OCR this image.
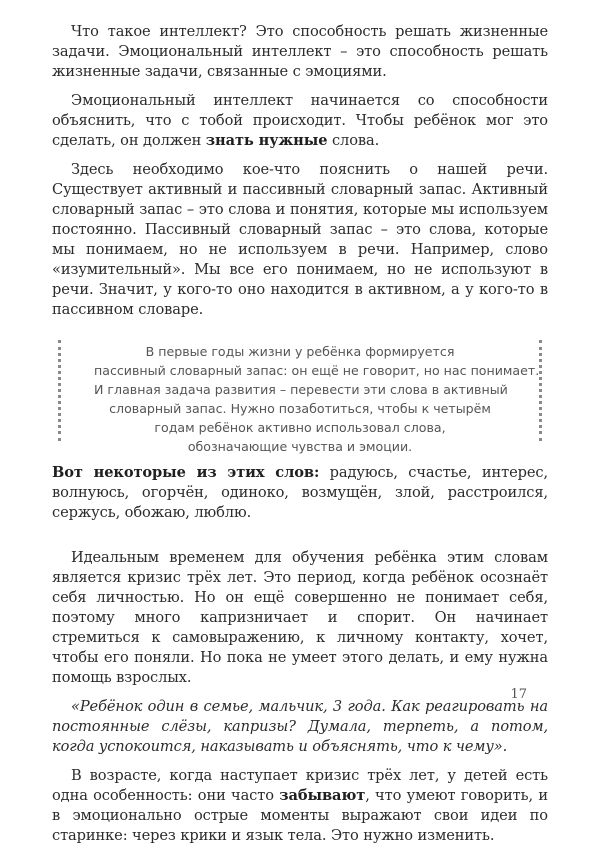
Что такое интеллект? Это способность решать жизненные задачи. Эмоциональный интеллект – это способность решать жизненные задачи, связанные с эмоциями.

Эмоциональный интеллект начинается со способности объяснить, что с тобой происходит. Чтобы ребёнок мог это сделать, он должен знать нужные слова.

Здесь необходимо кое-что пояснить о нашей речи. Существует активный и пассивный словарный запас. Активный словарный запас – это слова и понятия, которые мы используем постоянно. Пассивный словарный запас – это слова, которые мы понимаем, но не используем в речи. Например, слово «изумительный». Мы все его понимаем, но не используют в речи. Значит, у кого-то оно находится в активном, а у кого-то в пассивном словаре.

В первые годы жизни у ребёнка формируется
пассивный словарный запас: он ещё не говорит, но нас понимает.
И главная задача развития – перевести эти слова в активный
словарный запас. Нужно позаботиться, чтобы к четырём
годам ребёнок активно использовал слова,
обозначающие чувства и эмоции.

Вот некоторые из этих слов: радуюсь, счастье, интерес, волнуюсь, огорчён, одиноко, возмущён, злой, расстроился, сержусь, обожаю, люблю.

Идеальным временем для обучения ребёнка этим словам является кризис трёх лет. Это период, когда ребёнок осознаёт себя личностью. Но он ещё совершенно не понимает себя, поэтому много капризничает и спорит. Он начинает стремиться к самовыражению, к личному контакту, хочет, чтобы его поняли. Но пока не умеет этого делать, и ему нужна помощь взрослых.

«Ребёнок один в семье, мальчик, 3 года. Как реагировать на постоянные слёзы, капризы? Думала, терпеть, а потом, когда успокоится, наказывать и объяснять, что к чему».

В возрасте, когда наступает кризис трёх лет, у детей есть одна особенность: они часто забывают, что умеют говорить, и в эмоционально острые моменты выражают свои идеи по старинке: через крики и язык тела. Это нужно изменить.

17
